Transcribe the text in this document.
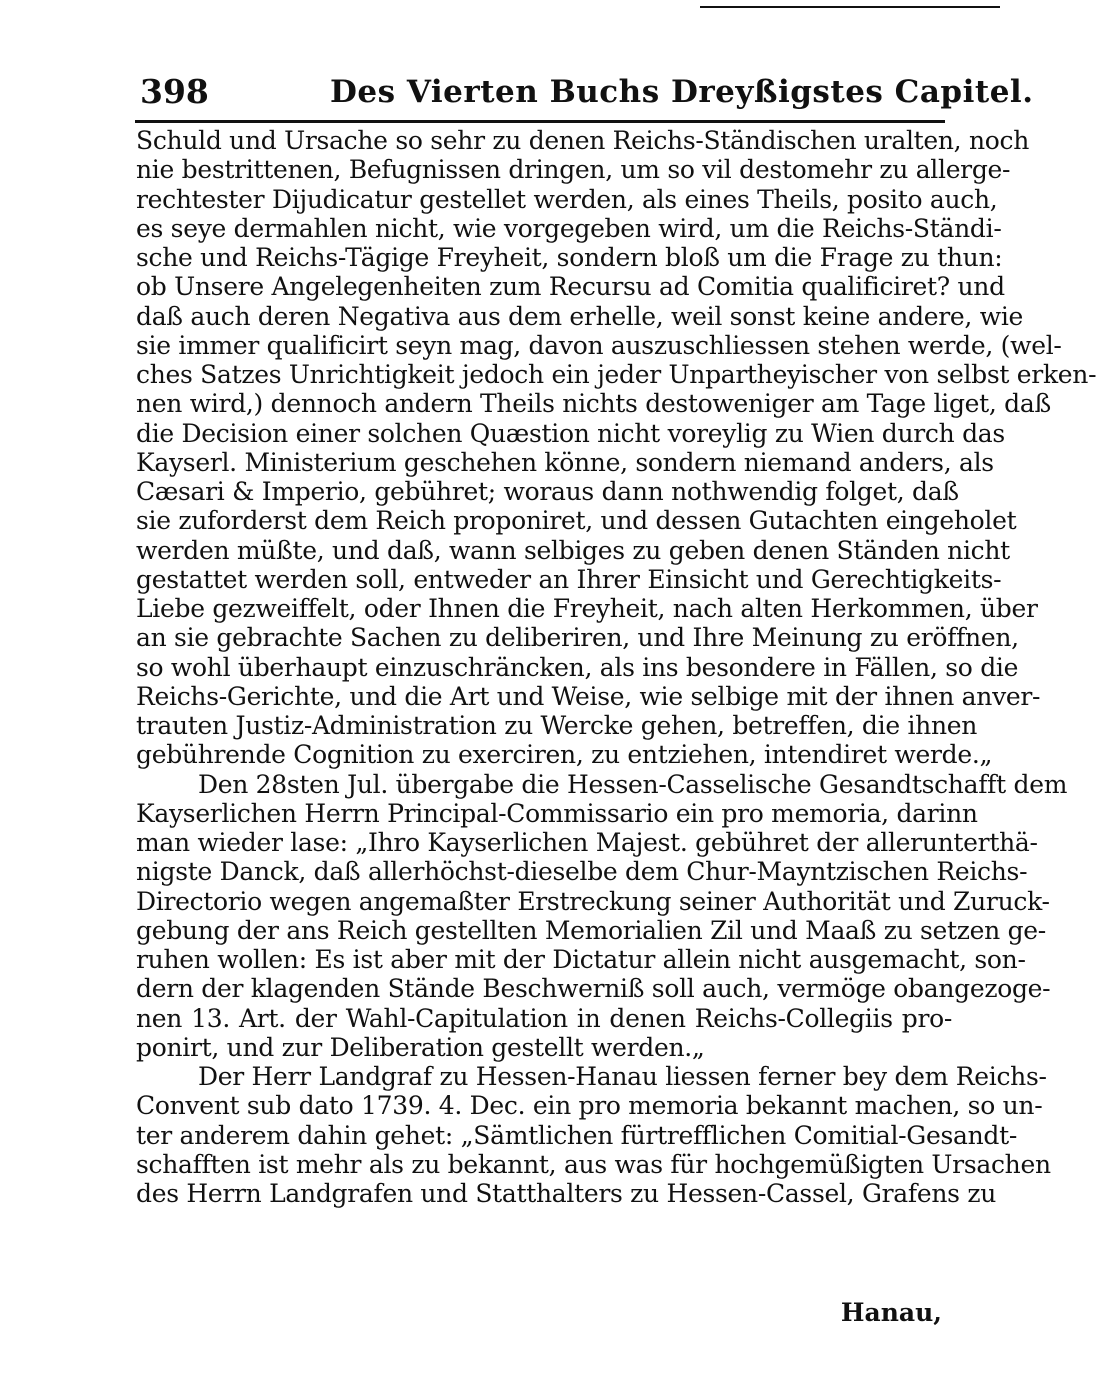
398	Des Vierten Buchs Dreyßigstes Capitel.
Schuld und Ursache so sehr zu denen Reichs-Ständischen uralten, noch
nie bestrittenen, Befugnissen dringen, um so vil destomehr zu allerge-
rechtester Dijudicatur gestellet werden, als eines Theils, posito auch,
es seye dermahlen nicht, wie vorgegeben wird, um die Reichs-Ständi-
sche und Reichs-Tägige Freyheit, sondern bloß um die Frage zu thun:
ob Unsere Angelegenheiten zum Recursu ad Comitia qualificiret? und
daß auch deren Negativa aus dem erhelle, weil sonst keine andere, wie
sie immer qualificirt seyn mag, davon auszuschliessen stehen werde, (wel-
ches Satzes Unrichtigkeit jedoch ein jeder Unpartheyischer von selbst erken-
nen wird,) dennoch andern Theils nichts destoweniger am Tage liget, daß
die Decision einer solchen Quæstion nicht voreylig zu Wien durch das
Kayserl. Ministerium geschehen könne, sondern niemand anders, als
Cæsari & Imperio, gebühret; woraus dann nothwendig folget, daß
sie zuforderst dem Reich proponiret, und dessen Gutachten eingeholet
werden müßte, und daß, wann selbiges zu geben denen Ständen nicht
gestattet werden soll, entweder an Ihrer Einsicht und Gerechtigkeits-
Liebe gezweiffelt, oder Ihnen die Freyheit, nach alten Herkommen, über
an sie gebrachte Sachen zu deliberiren, und Ihre Meinung zu eröffnen,
so wohl überhaupt einzuschräncken, als ins besondere in Fällen, so die
Reichs-Gerichte, und die Art und Weise, wie selbige mit der ihnen anver-
trauten Justiz-Administration zu Wercke gehen, betreffen, die ihnen
gebührende Cognition zu exerciren, zu entziehen, intendiret werde.„
Den 28sten Jul. übergabe die Hessen-Casselische Gesandtschafft dem
Kayserlichen Herrn Principal-Commissario ein pro memoria, darinn
man wieder lase: „Ihro Kayserlichen Majest. gebühret der allerunterthä-
nigste Danck, daß allerhöchst-dieselbe dem Chur-Mayntzischen Reichs-
Directorio wegen angemaßter Erstreckung seiner Authorität und Zuruck-
gebung der ans Reich gestellten Memorialien Zil und Maaß zu setzen ge-
ruhen wollen: Es ist aber mit der Dictatur allein nicht ausgemacht, son-
dern der klagenden Stände Beschwerniß soll auch, vermöge obangezoge-
nen 13. Art. der Wahl-Capitulation in denen Reichs-Collegiis pro-
ponirt, und zur Deliberation gestellt werden.„
Der Herr Landgraf zu Hessen-Hanau liessen ferner bey dem Reichs-
Convent sub dato 1739. 4. Dec. ein pro memoria bekannt machen, so un-
ter anderem dahin gehet: „Sämtlichen fürtrefflichen Comitial-Gesandt-
schafften ist mehr als zu bekannt, aus was für hochgemüßigten Ursachen
des Herrn Landgrafen und Statthalters zu Hessen-Cassel, Grafens zu
Hanau,
